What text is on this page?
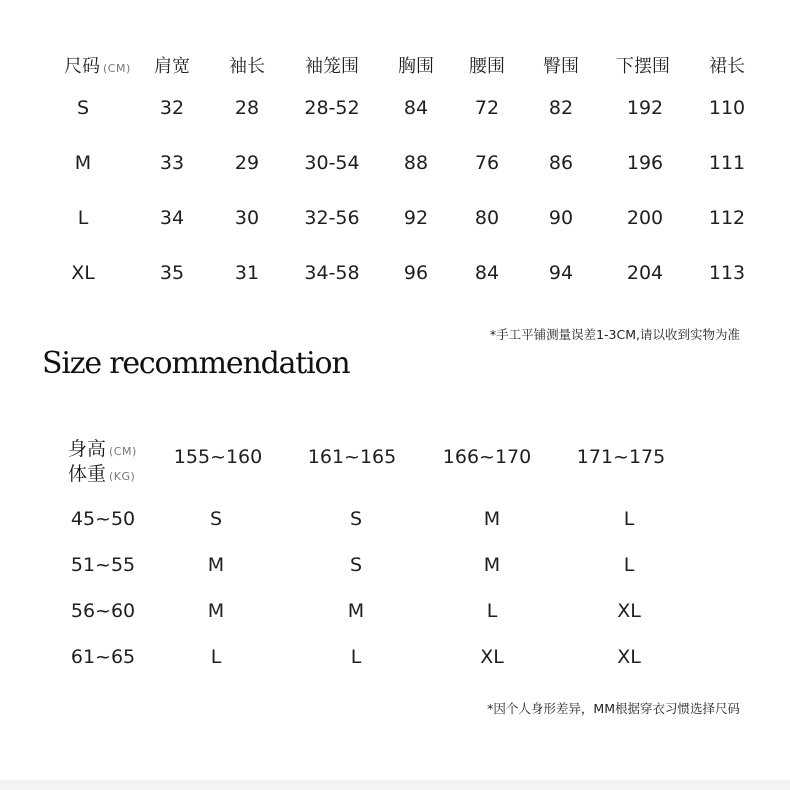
尺码 (CM) 肩宽 袖长 袖笼围 胸围 腰围 臀围 下摆围 裙长
S	32	28 28-52 84 72	82	192 110
M	33	29 30-54 88 76	86	196 111
L	34	30 32-56 92 80	90	200 112
XL	35	31 34-58 96 84	94	204 113
*手工平铺测量误差1-3CM,请以收到实物为准
Size recommendation
身高 (CM)
体重 (KG)
155~160 161~165 166~170 171~175
45~50	S	S	M	L
51~55	M	S	M	L
56~60	M	M	L	XL
61~65	L	L	XL	XL
*因个人身形差异，MM根据穿衣习惯选择尺码
